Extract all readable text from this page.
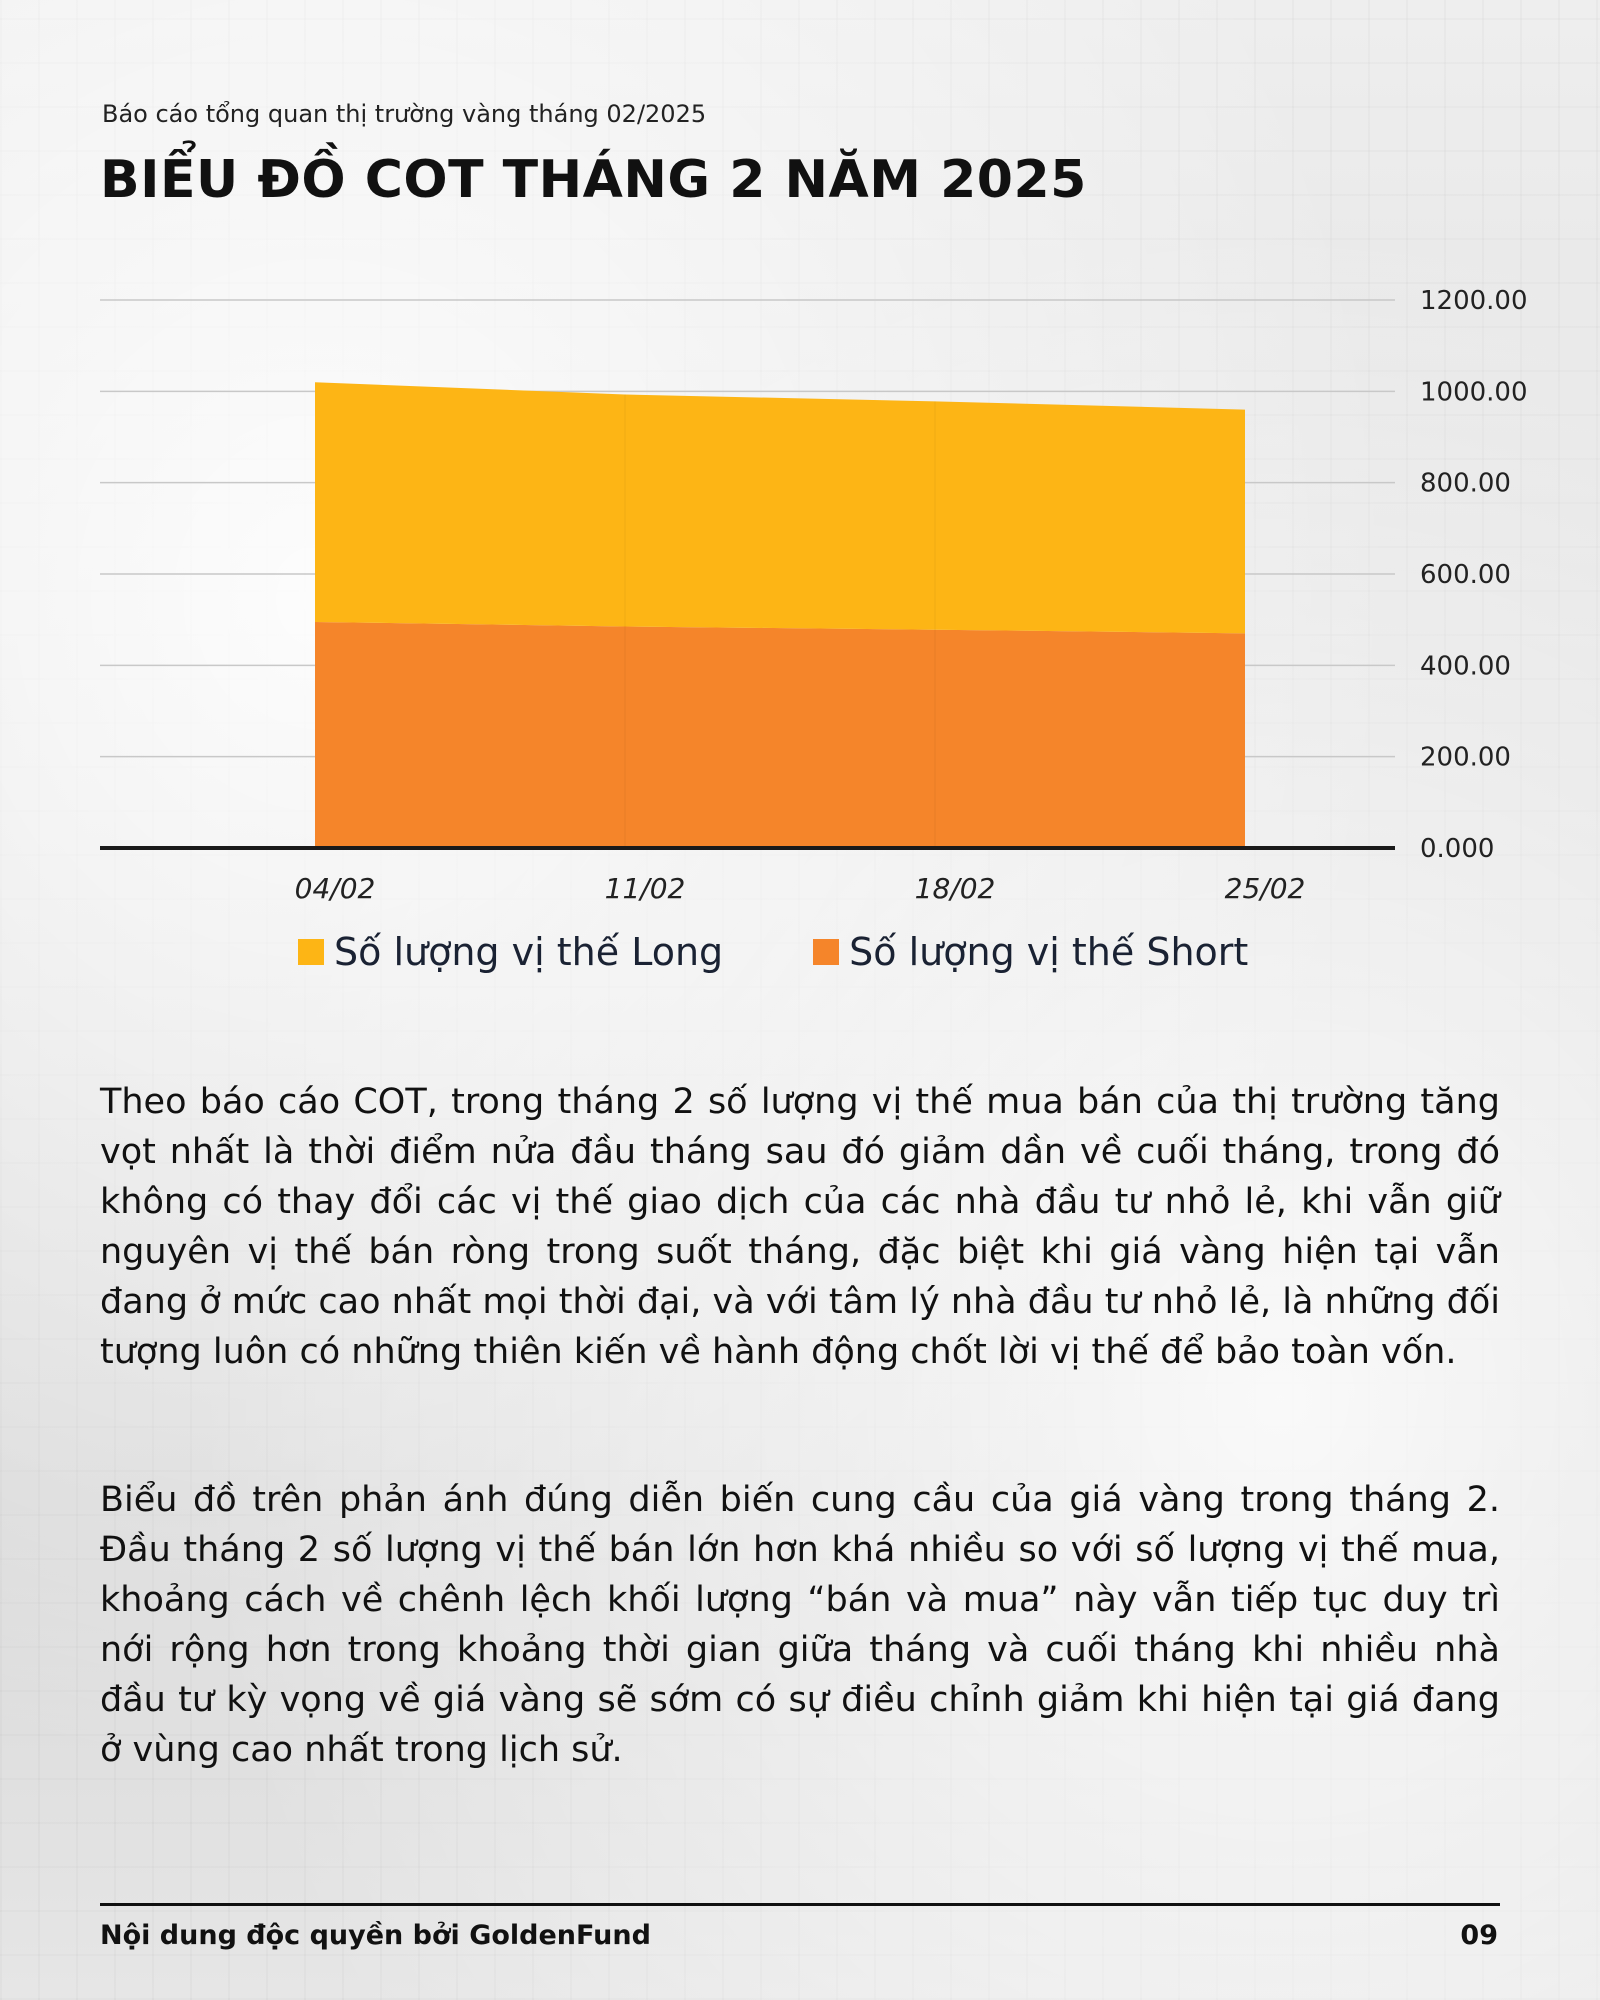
Báo cáo tổng quan thị trường vàng tháng 02/2025
BIỂU ĐỒ COT THÁNG 2 NĂM 2025
0.000
200.00
400.00
600.00
800.00
1000.00
1200.00
04/02	11/02	18/02	25/02
Số lượng vị thế Long	Số lượng vị thế Short

Theo báo cáo COT, trong tháng 2 số lượng vị thế mua bán của thị trường tăng vọt nhất là thời điểm nửa đầu tháng sau đó giảm dần về cuối tháng, trong đó không có thay đổi các vị thế giao dịch của các nhà đầu tư nhỏ lẻ, khi vẫn giữ nguyên vị thế bán ròng trong suốt tháng, đặc biệt khi giá vàng hiện tại vẫn đang ở mức cao nhất mọi thời đại, và với tâm lý nhà đầu tư nhỏ lẻ, là những đối tượng luôn có những thiên kiến về hành động chốt lời vị thế để bảo toàn vốn.

Biểu đồ trên phản ánh đúng diễn biến cung cầu của giá vàng trong tháng 2. Đầu tháng 2 số lượng vị thế bán lớn hơn khá nhiều so với số lượng vị thế mua, khoảng cách về chênh lệch khối lượng “bán và mua” này vẫn tiếp tục duy trì nới rộng hơn trong khoảng thời gian giữa tháng và cuối tháng khi nhiều nhà đầu tư kỳ vọng về giá vàng sẽ sớm có sự điều chỉnh giảm khi hiện tại giá đang ở vùng cao nhất trong lịch sử.

Nội dung độc quyền bởi GoldenFund	09
